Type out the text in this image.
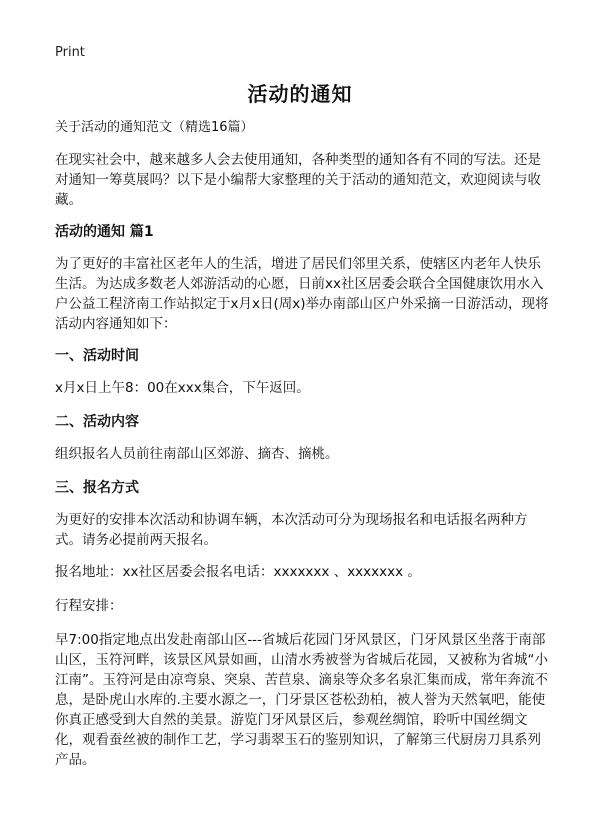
Print
活动的通知

关于活动的通知范文（精选16篇）

在现实社会中，越来越多人会去使用通知，各种类型的通知各有不同的写法。还是对通知一筹莫展吗？以下是小编帮大家整理的关于活动的通知范文，欢迎阅读与收藏。

活动的通知 篇1

为了更好的丰富社区老年人的生活，增进了居民们邻里关系，使辖区内老年人快乐生活。为达成多数老人郊游活动的心愿，日前xx社区居委会联合全国健康饮用水入户公益工程济南工作站拟定于x月x日(周x)举办南部山区户外采摘一日游活动，现将活动内容通知如下：

一、活动时间

x月x日上午8：00在xxx集合，下午返回。

二、活动内容

组织报名人员前往南部山区郊游、摘杏、摘桃。

三、报名方式

为更好的安排本次活动和协调车辆，本次活动可分为现场报名和电话报名两种方式。请务必提前两天报名。

报名地址：xx社区居委会报名电话：xxxxxxx 、xxxxxxx 。

行程安排：

早7:00指定地点出发赴南部山区---省城后花园门牙风景区，门牙风景区坐落于南部山区，玉符河畔，该景区风景如画，山清水秀被誉为省城后花园，又被称为省城“小江南”。玉符河是由凉弯泉、突泉、苦苣泉、滴泉等众多名泉汇集而成，常年奔流不息，是卧虎山水库的.主要水源之一，门牙景区苍松劲柏，被人誉为天然氧吧，能使你真正感受到大自然的美景。游览门牙风景区后，参观丝绸馆，聆听中国丝绸文化，观看蚕丝被的制作工艺，学习翡翠玉石的鉴别知识，了解第三代厨房刀具系列产品。
